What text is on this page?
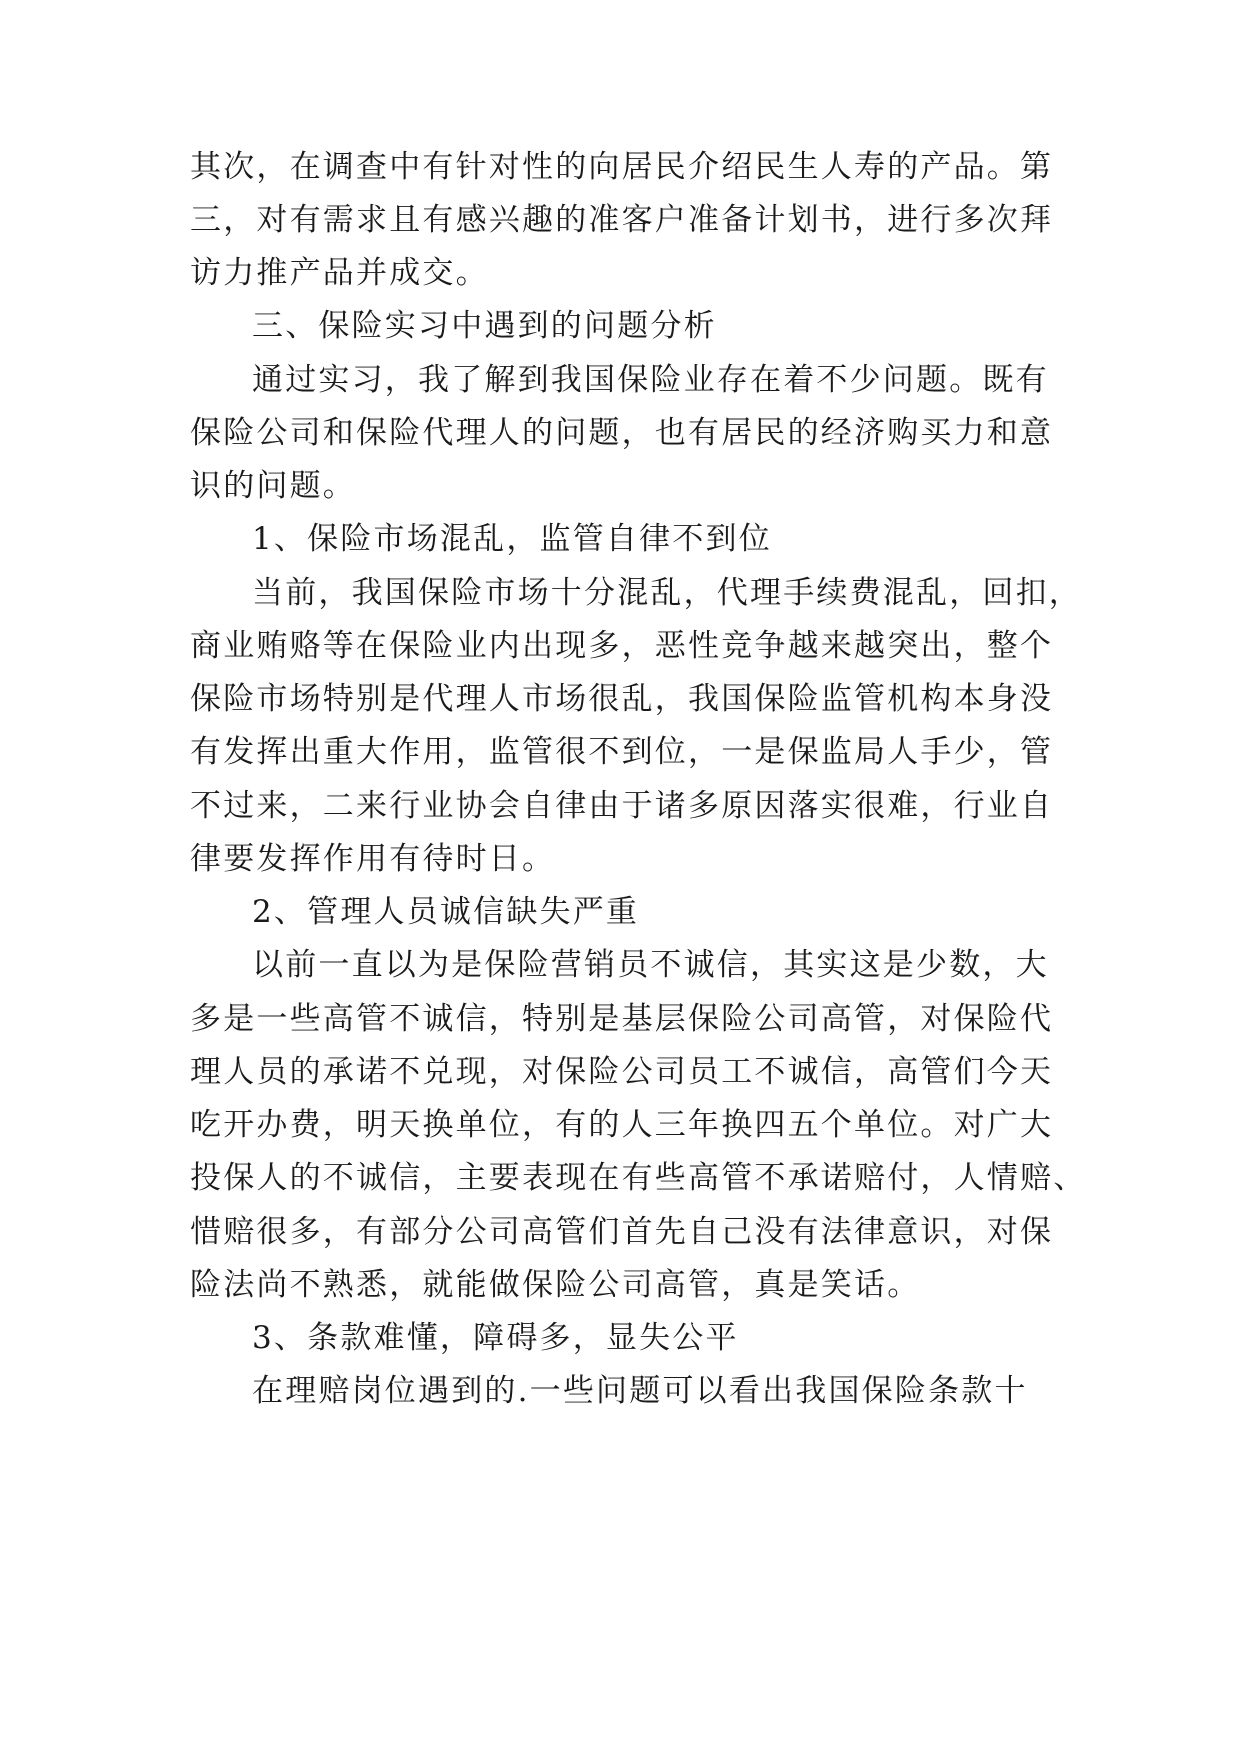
其次，在调查中有针对性的向居民介绍民生人寿的产品。第
三，对有需求且有感兴趣的准客户准备计划书，进行多次拜
访力推产品并成交。
三、保险实习中遇到的问题分析
通过实习，我了解到我国保险业存在着不少问题。既有
保险公司和保险代理人的问题，也有居民的经济购买力和意
识的问题。
1、保险市场混乱，监管自律不到位
当前，我国保险市场十分混乱，代理手续费混乱，回扣，
商业贿赂等在保险业内出现多，恶性竞争越来越突出，整个
保险市场特别是代理人市场很乱，我国保险监管机构本身没
有发挥出重大作用，监管很不到位，一是保监局人手少，管
不过来，二来行业协会自律由于诸多原因落实很难，行业自
律要发挥作用有待时日。
2、管理人员诚信缺失严重
以前一直以为是保险营销员不诚信，其实这是少数，大
多是一些高管不诚信，特别是基层保险公司高管，对保险代
理人员的承诺不兑现，对保险公司员工不诚信，高管们今天
吃开办费，明天换单位，有的人三年换四五个单位。对广大
投保人的不诚信，主要表现在有些高管不承诺赔付，人情赔、
惜赔很多，有部分公司高管们首先自己没有法律意识，对保
险法尚不熟悉，就能做保险公司高管，真是笑话。
3、条款难懂，障碍多，显失公平
在理赔岗位遇到的.一些问题可以看出我国保险条款十
